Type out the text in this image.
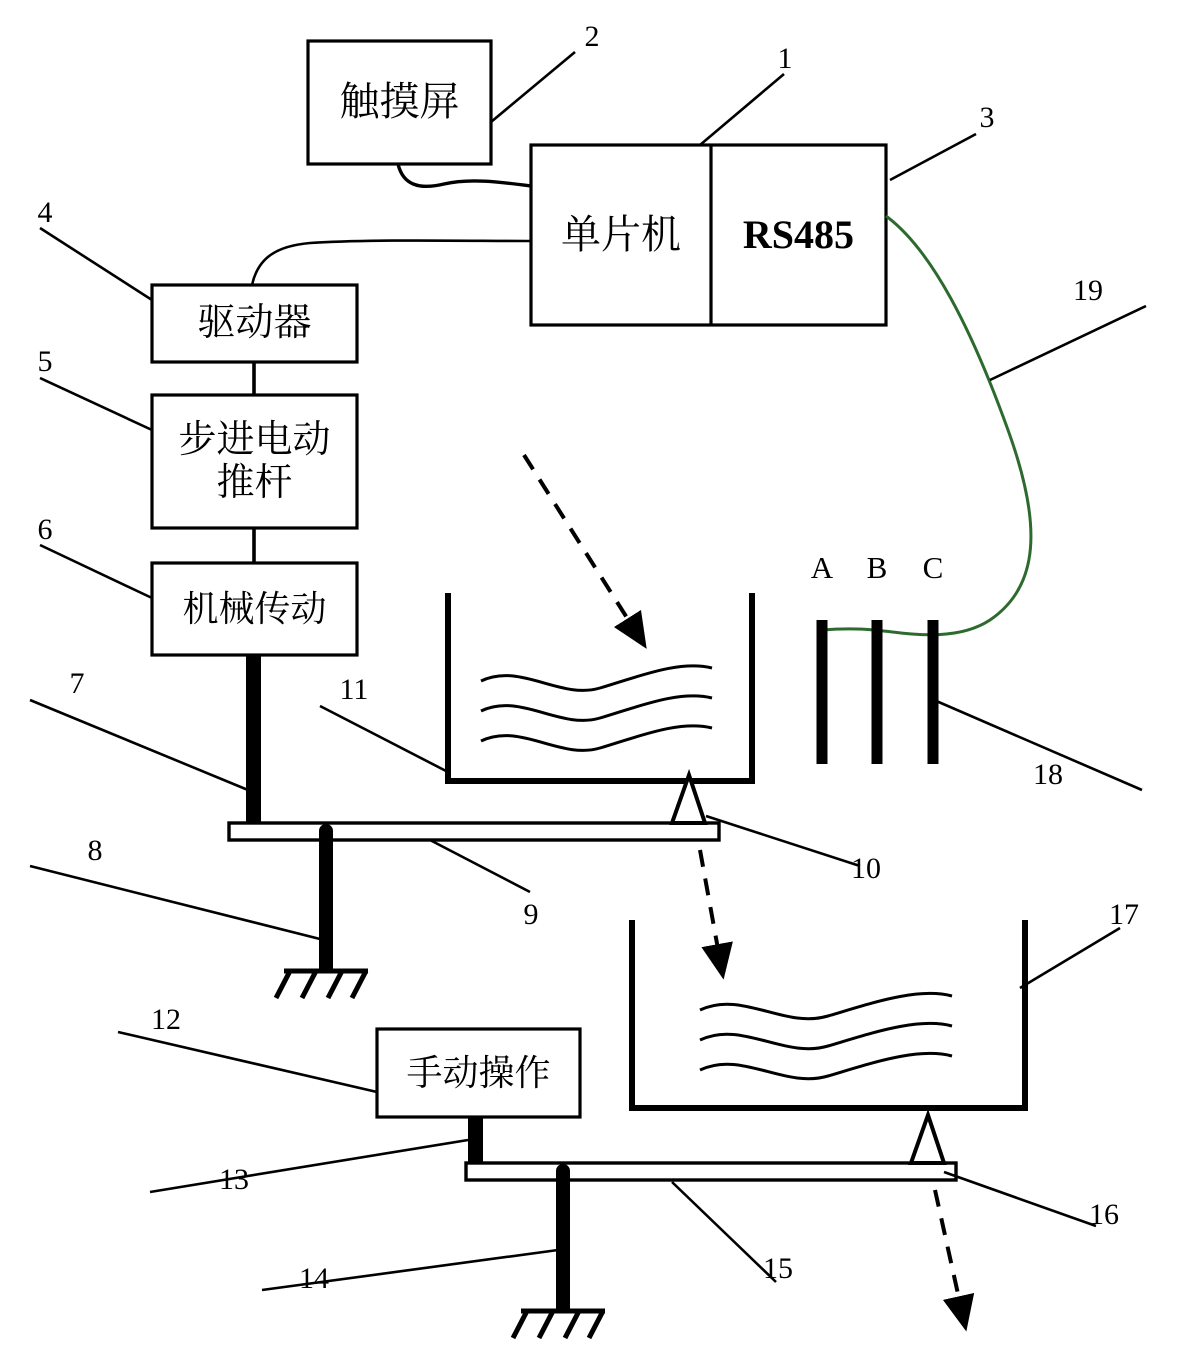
触摸屏
单片机	RS485
驱动器
步进电动
推杆
机械传动
手动操作
A B C
2
1
3
4
19
5
6
7	11
18
8
10
9	17
12
13
16
15
14
